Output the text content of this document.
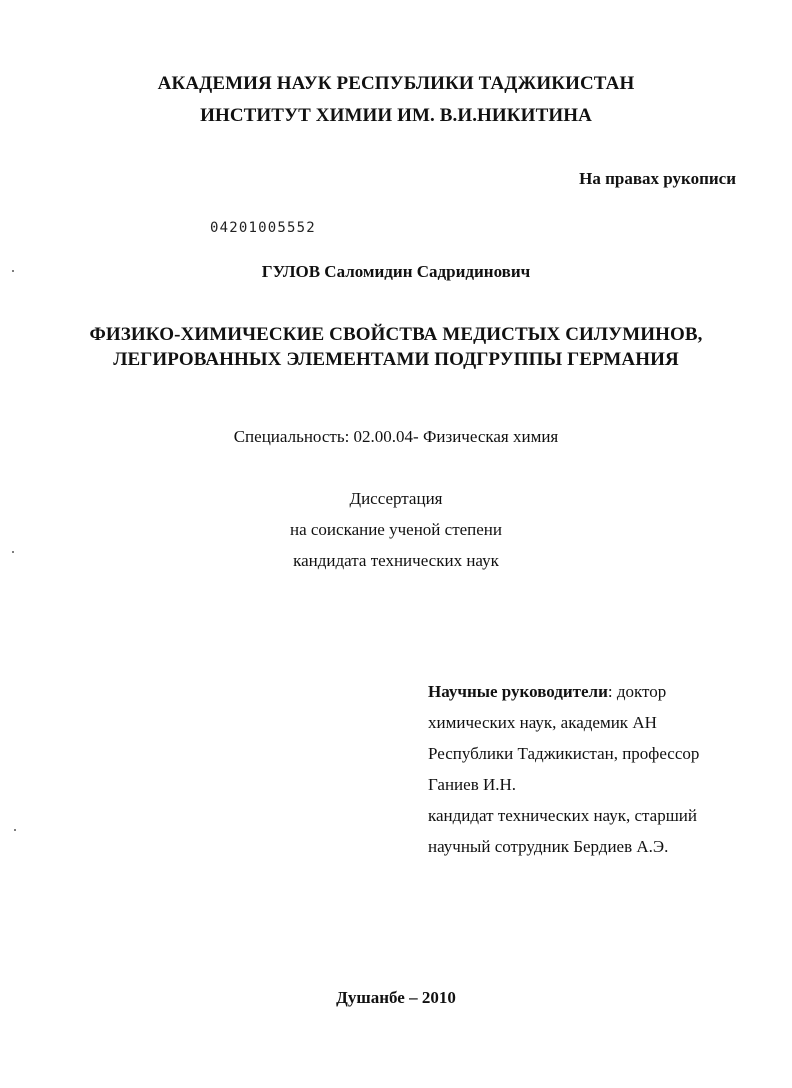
АКАДЕМИЯ НАУК РЕСПУБЛИКИ ТАДЖИКИСТАН
ИНСТИТУТ ХИМИИ ИМ. В.И.НИКИТИНА
На правах рукописи
04201005552
ГУЛОВ Саломидин Садридинович
ФИЗИКО-ХИМИЧЕСКИЕ СВОЙСТВА МЕДИСТЫХ СИЛУМИНОВ,
ЛЕГИРОВАННЫХ ЭЛЕМЕНТАМИ ПОДГРУППЫ ГЕРМАНИЯ
Специальность: 02.00.04- Физическая химия
Диссертация
на соискание ученой степени
кандидата технических наук
Научные руководители: доктор
химических наук, академик АН
Республики Таджикистан, профессор
Ганиев И.Н.
кандидат технических наук, старший
научный сотрудник Бердиев А.Э.
Душанбе – 2010
